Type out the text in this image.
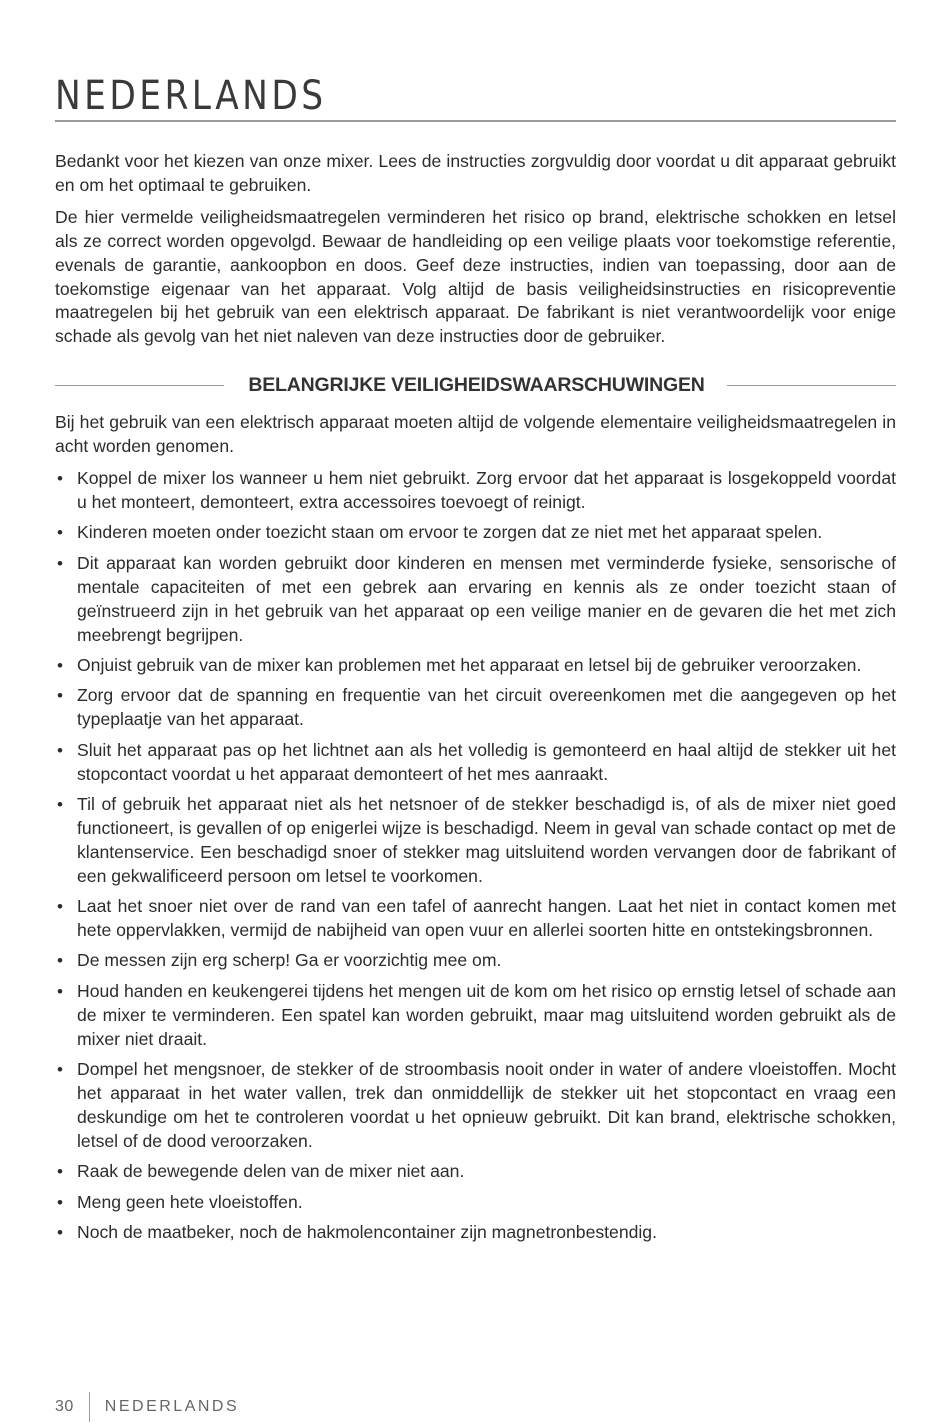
NEDERLANDS

Bedankt voor het kiezen van onze mixer. Lees de instructies zorgvuldig door voordat u dit apparaat gebruikt en om het optimaal te gebruiken.

De hier vermelde veiligheidsmaatregelen verminderen het risico op brand, elektrische schokken en letsel als ze correct worden opgevolgd. Bewaar de handleiding op een veilige plaats voor toekomstige referentie, evenals de garantie, aankoopbon en doos. Geef deze instructies, indien van toepassing, door aan de toekomstige eigenaar van het apparaat. Volg altijd de basis veiligheidsinstructies en risicopreventie maatregelen bij het gebruik van een elektrisch apparaat. De fabrikant is niet verantwoordelijk voor enige schade als gevolg van het niet naleven van deze instructies door de gebruiker.

BELANGRIJKE VEILIGHEIDSWAARSCHUWINGEN

Bij het gebruik van een elektrisch apparaat moeten altijd de volgende elementaire veiligheidsmaatregelen in acht worden genomen.

• Koppel de mixer los wanneer u hem niet gebruikt. Zorg ervoor dat het apparaat is losgekoppeld voordat u het monteert, demonteert, extra accessoires toevoegt of reinigt.
• Kinderen moeten onder toezicht staan om ervoor te zorgen dat ze niet met het apparaat spelen.
• Dit apparaat kan worden gebruikt door kinderen en mensen met verminderde fysieke, sensorische of mentale capaciteiten of met een gebrek aan ervaring en kennis als ze onder toezicht staan of geïnstrueerd zijn in het gebruik van het apparaat op een veilige manier en de gevaren die het met zich meebrengt begrijpen.
• Onjuist gebruik van de mixer kan problemen met het apparaat en letsel bij de gebruiker veroorzaken.
• Zorg ervoor dat de spanning en frequentie van het circuit overeenkomen met die aangegeven op het typeplaatje van het apparaat.
• Sluit het apparaat pas op het lichtnet aan als het volledig is gemonteerd en haal altijd de stekker uit het stopcontact voordat u het apparaat demonteert of het mes aanraakt.
• Til of gebruik het apparaat niet als het netsnoer of de stekker beschadigd is, of als de mixer niet goed functioneert, is gevallen of op enigerlei wijze is beschadigd. Neem in geval van schade contact op met de klantenservice. Een beschadigd snoer of stekker mag uitsluitend worden vervangen door de fabrikant of een gekwalificeerd persoon om letsel te voorkomen.
• Laat het snoer niet over de rand van een tafel of aanrecht hangen. Laat het niet in contact komen met hete oppervlakken, vermijd de nabijheid van open vuur en allerlei soorten hitte en ontstekingsbronnen.
• De messen zijn erg scherp! Ga er voorzichtig mee om.
• Houd handen en keukengerei tijdens het mengen uit de kom om het risico op ernstig letsel of schade aan de mixer te verminderen. Een spatel kan worden gebruikt, maar mag uitsluitend worden gebruikt als de mixer niet draait.
• Dompel het mengsnoer, de stekker of de stroombasis nooit onder in water of andere vloeistoffen. Mocht het apparaat in het water vallen, trek dan onmiddellijk de stekker uit het stopcontact en vraag een deskundige om het te controleren voordat u het opnieuw gebruikt. Dit kan brand, elektrische schokken, letsel of de dood veroorzaken.
• Raak de bewegende delen van de mixer niet aan.
• Meng geen hete vloeistoffen.
• Noch de maatbeker, noch de hakmolencontainer zijn magnetronbestendig.
30 NEDERLANDS
